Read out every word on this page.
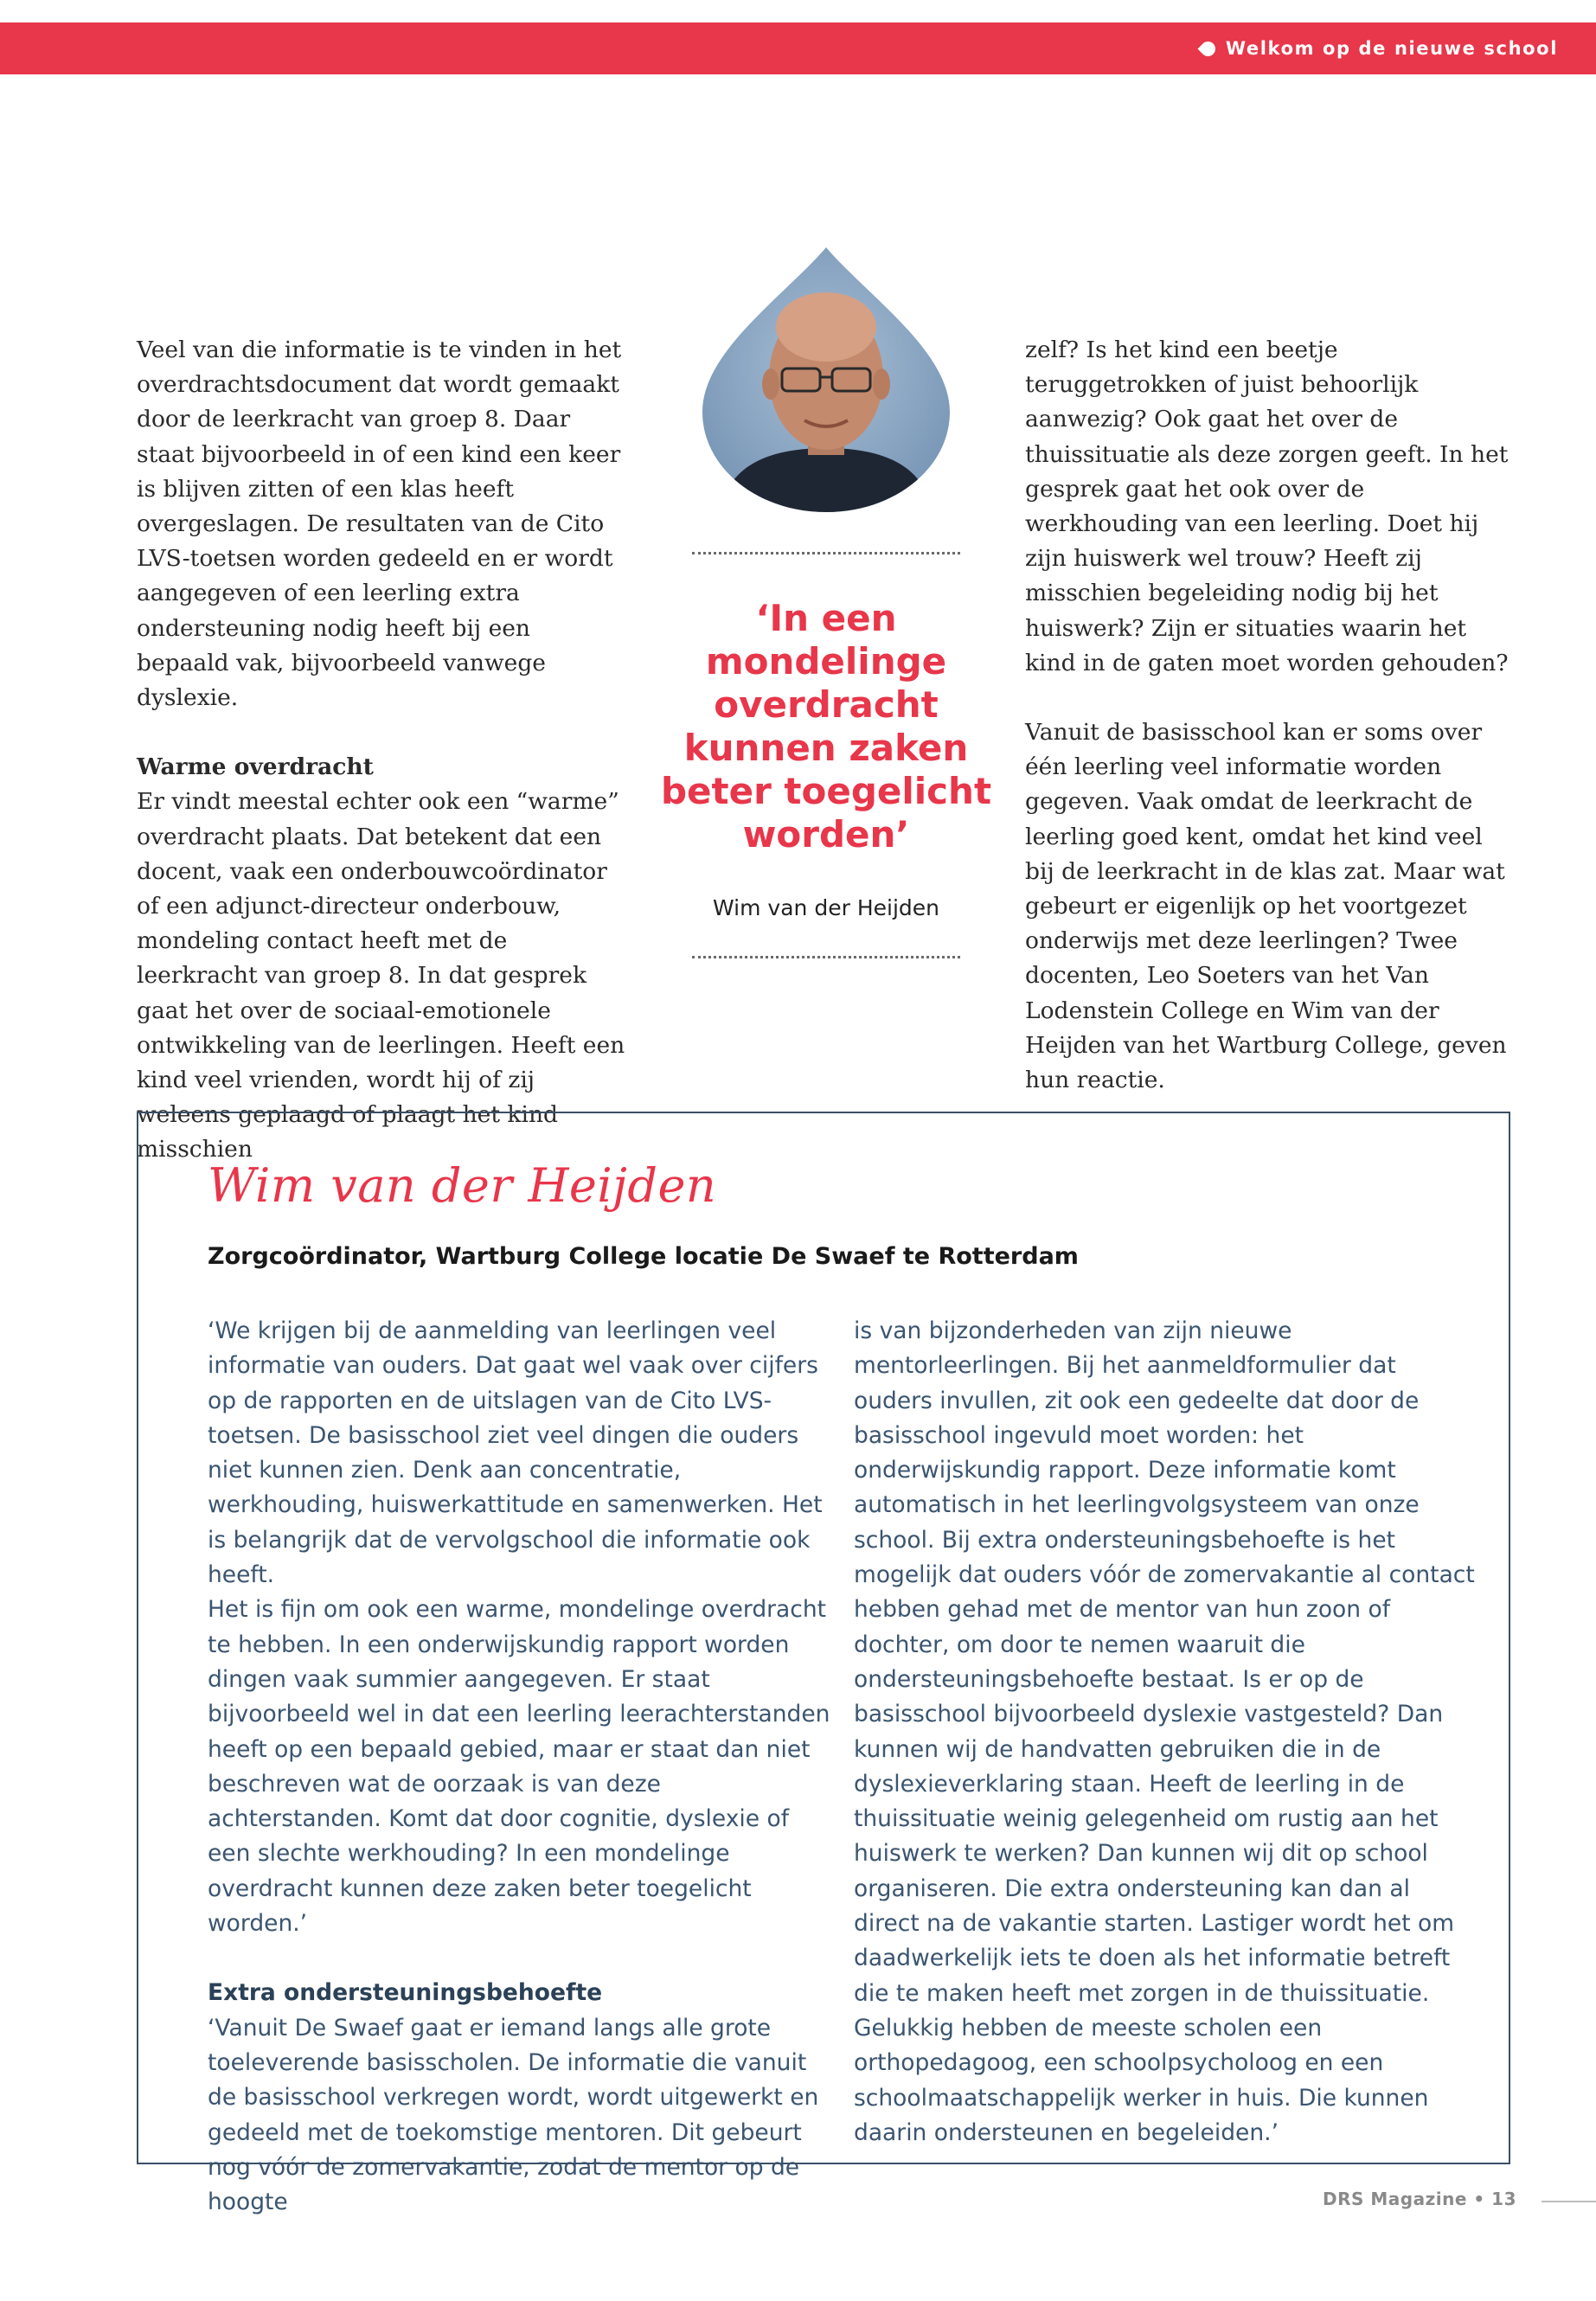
Welkom op de nieuwe school

Veel van die informatie is te vinden in het overdrachtsdocument dat wordt gemaakt door de leerkracht van groep 8. Daar staat bijvoorbeeld in of een kind een keer is blijven zitten of een klas heeft overgeslagen. De resultaten van de Cito LVS-toetsen worden gedeeld en er wordt aangegeven of een leerling extra ondersteuning nodig heeft bij een bepaald vak, bijvoorbeeld vanwege dyslexie.

Warme overdracht

Er vindt meestal echter ook een “warme” overdracht plaats. Dat betekent dat een docent, vaak een onderbouwcoördinator of een adjunct-directeur onderbouw, mondeling contact heeft met de leerkracht van groep 8. In dat gesprek gaat het over de sociaal-emotionele ontwikkeling van de leerlingen. Heeft een kind veel vrienden, wordt hij of zij weleens geplaagd of plaagt het kind misschien

‘In een mondelinge overdracht kunnen zaken beter toegelicht worden’
Wim van der Heijden

zelf? Is het kind een beetje teruggetrokken of juist behoorlijk aanwezig? Ook gaat het over de thuissituatie als deze zorgen geeft. In het gesprek gaat het ook over de werkhouding van een leerling. Doet hij zijn huiswerk wel trouw? Heeft zij misschien begeleiding nodig bij het huiswerk? Zijn er situaties waarin het kind in de gaten moet worden gehouden?

Vanuit de basisschool kan er soms over één leerling veel informatie worden gegeven. Vaak omdat de leerkracht de leerling goed kent, omdat het kind veel bij de leerkracht in de klas zat. Maar wat gebeurt er eigenlijk op het voortgezet onderwijs met deze leerlingen? Twee docenten, Leo Soeters van het Van Lodenstein College en Wim van der Heijden van het Wartburg College, geven hun reactie.

Wim van der Heijden
Zorgcoördinator, Wartburg College locatie De Swaef te Rotterdam

‘We krijgen bij de aanmelding van leerlingen veel informatie van ouders. Dat gaat wel vaak over cijfers op de rapporten en de uitslagen van de Cito LVS-toetsen. De basisschool ziet veel dingen die ouders niet kunnen zien. Denk aan concentratie, werkhouding, huiswerkattitude en samenwerken. Het is belangrijk dat de vervolgschool die informatie ook heeft.

Het is fijn om ook een warme, mondelinge overdracht te hebben. In een onderwijskundig rapport worden dingen vaak summier aangegeven. Er staat bijvoorbeeld wel in dat een leerling leerachterstanden heeft op een bepaald gebied, maar er staat dan niet beschreven wat de oorzaak is van deze achterstanden. Komt dat door cognitie, dyslexie of een slechte werkhouding? In een mondelinge overdracht kunnen deze zaken beter toegelicht worden.’

Extra ondersteuningsbehoefte

‘Vanuit De Swaef gaat er iemand langs alle grote toeleverende basisscholen. De informatie die vanuit de basisschool verkregen wordt, wordt uitgewerkt en gedeeld met de toekomstige mentoren. Dit gebeurt nog vóór de zomervakantie, zodat de mentor op de hoogte

is van bijzonderheden van zijn nieuwe mentorleerlingen. Bij het aanmeldformulier dat ouders invullen, zit ook een gedeelte dat door de basisschool ingevuld moet worden: het onderwijskundig rapport. Deze informatie komt automatisch in het leerlingvolgsysteem van onze school. Bij extra ondersteuningsbehoefte is het mogelijk dat ouders vóór de zomervakantie al contact hebben gehad met de mentor van hun zoon of dochter, om door te nemen waaruit die ondersteuningsbehoefte bestaat. Is er op de basisschool bijvoorbeeld dyslexie vastgesteld? Dan kunnen wij de handvatten gebruiken die in de dyslexieverklaring staan. Heeft de leerling in de thuissituatie weinig gelegenheid om rustig aan het huiswerk te werken? Dan kunnen wij dit op school organiseren. Die extra ondersteuning kan dan al direct na de vakantie starten. Lastiger wordt het om daadwerkelijk iets te doen als het informatie betreft die te maken heeft met zorgen in de thuissituatie. Gelukkig hebben de meeste scholen een orthopedagoog, een schoolpsycholoog en een schoolmaatschappelijk werker in huis. Die kunnen daarin ondersteunen en begeleiden.’

DRS Magazine • 13
